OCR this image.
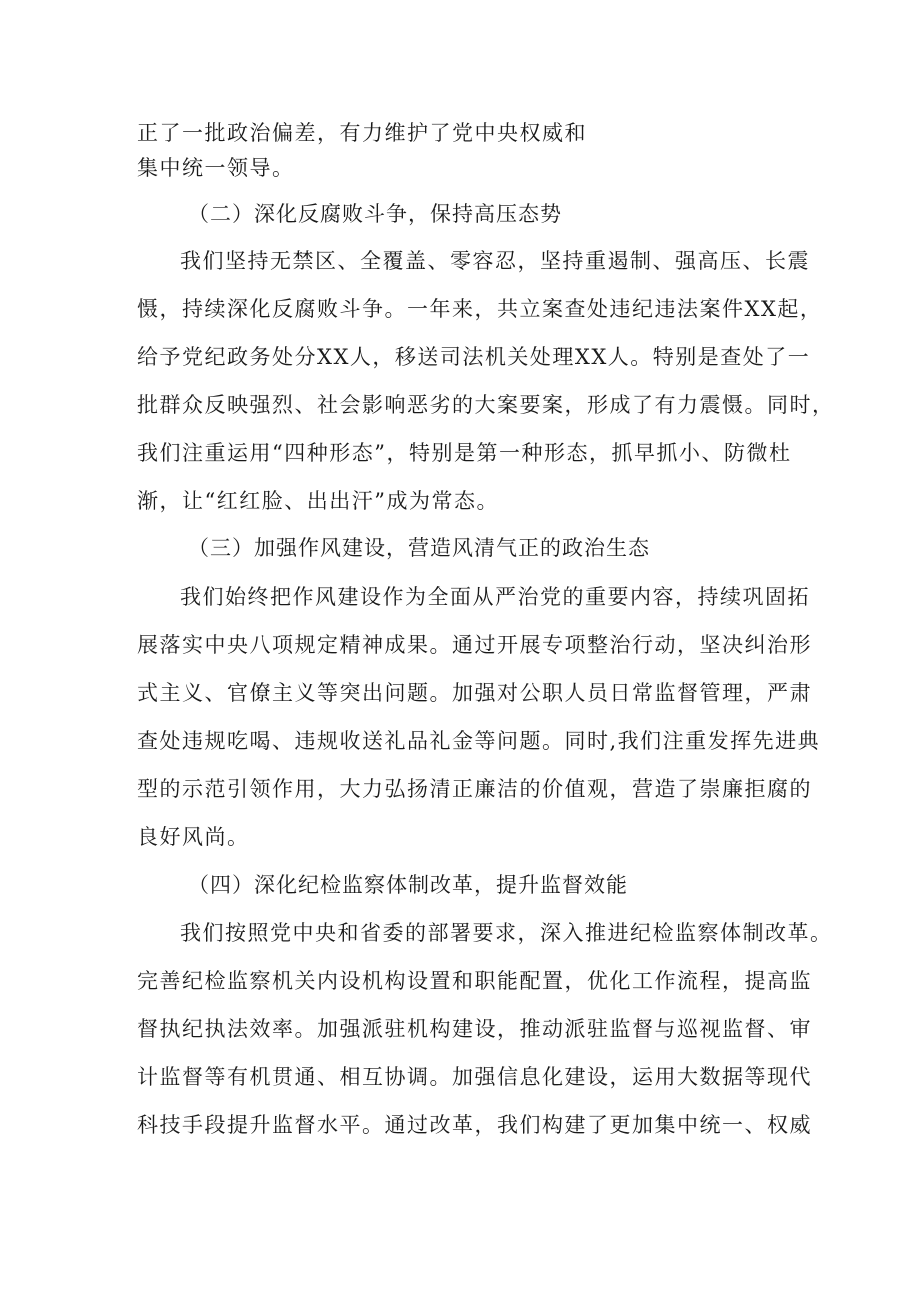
正了一批政治偏差，有力维护了党中央权威和
集中统一领导。
（二）深化反腐败斗争，保持高压态势
我们坚持无禁区、全覆盖、零容忍，坚持重遏制、强高压、长震
慑，持续深化反腐败斗争。一年来，共立案查处违纪违法案件XX起，
给予党纪政务处分XX人，移送司法机关处理XX人。特别是查处了一
批群众反映强烈、社会影响恶劣的大案要案，形成了有力震慑。同时，
我们注重运用“四种形态”，特别是第一种形态，抓早抓小、防微杜
渐，让“红红脸、出出汗”成为常态。
（三）加强作风建设，营造风清气正的政治生态
我们始终把作风建设作为全面从严治党的重要内容，持续巩固拓
展落实中央八项规定精神成果。通过开展专项整治行动，坚决纠治形
式主义、官僚主义等突出问题。加强对公职人员日常监督管理，严肃
查处违规吃喝、违规收送礼品礼金等问题。同时,我们注重发挥先进典
型的示范引领作用，大力弘扬清正廉洁的价值观，营造了崇廉拒腐的
良好风尚。
（四）深化纪检监察体制改革，提升监督效能
我们按照党中央和省委的部署要求，深入推进纪检监察体制改革。
完善纪检监察机关内设机构设置和职能配置，优化工作流程，提高监
督执纪执法效率。加强派驻机构建设，推动派驻监督与巡视监督、审
计监督等有机贯通、相互协调。加强信息化建设，运用大数据等现代
科技手段提升监督水平。通过改革，我们构建了更加集中统一、权威
